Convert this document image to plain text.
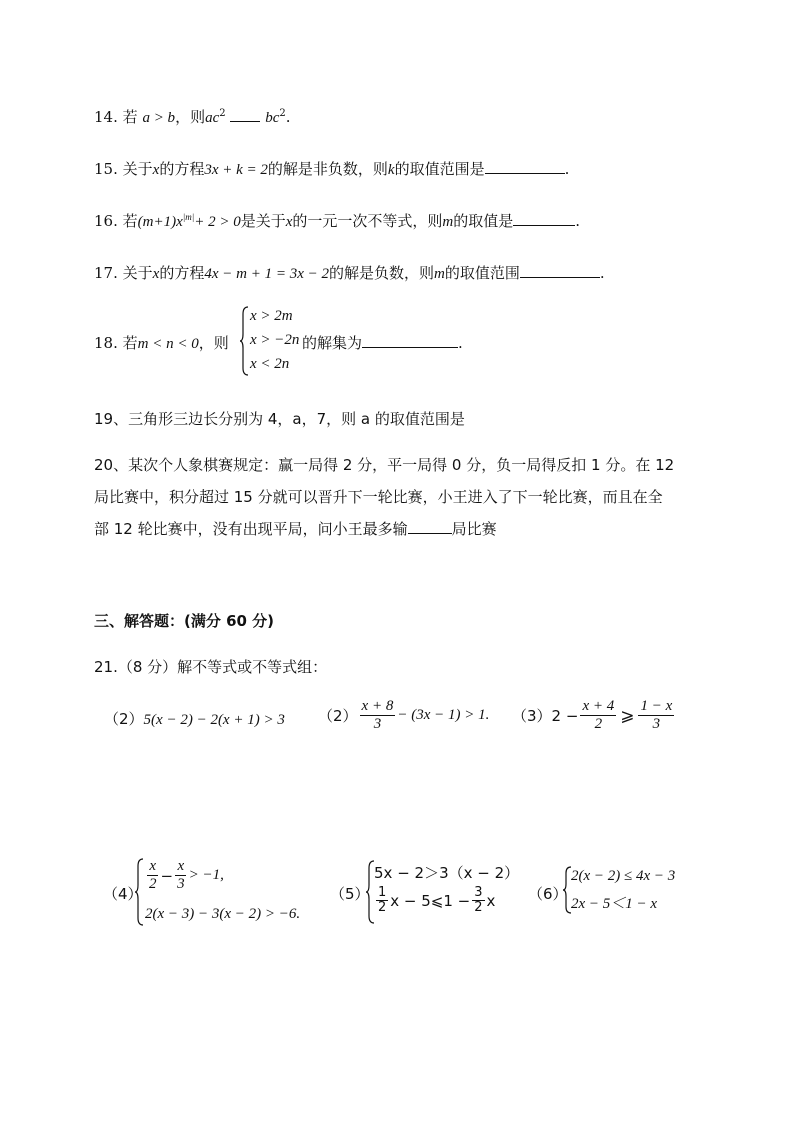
14. 若 a > b，则$ac^2$	$bc^2$.
15. 关于x的方程3x + k = 2的解是非负数，则k的取值范围是	.
16. 若$(m+1)x^{|m|}+ 2 > 0$是关于x的一元一次不等式，则m的取值是	.
17. 关于x的方程4x − m + 1 = 3x − 2的解是负数，则m的取值范围	.
18. 若m < n < 0，则
x > 2m
x > −2n
x < 2n
的解集为	.
19、三角形三边长分别为 4，a，7，则 a 的取值范围是
20、某次个人象棋赛规定：赢一局得 2 分，平一局得 0 分，负一局得反扣 1 分。在 12
局比赛中，积分超过 15 分就可以晋升下一轮比赛，小王进入了下一轮比赛，而且在全
部 12 轮比赛中，没有出现平局，问小王最多输	局比赛
三、解答题：(满分 60 分)
21.（8 分）解不等式或不等式组：
（2）5(x − 2) − 2(x + 1) > 3 $(2) \frac{x + 8}{3} - (3x - 1) > 1$. $(3)2 - \frac{x + 4}{2}$ ⩾ $\frac{1 - x}{3}$
（4）
$\frac{x}{2} - \frac{x}{3} > -1$,
2(x − 3) − 3(x − 2) > −6.
（5）
5x − 2＞3（x − 2）
$\frac{1}{2}$ x − 5⩽1 − $\frac{3}{2}$ x （6）
2(x − 2) ≤ 4x − 3
2x − 5＜1 − x
